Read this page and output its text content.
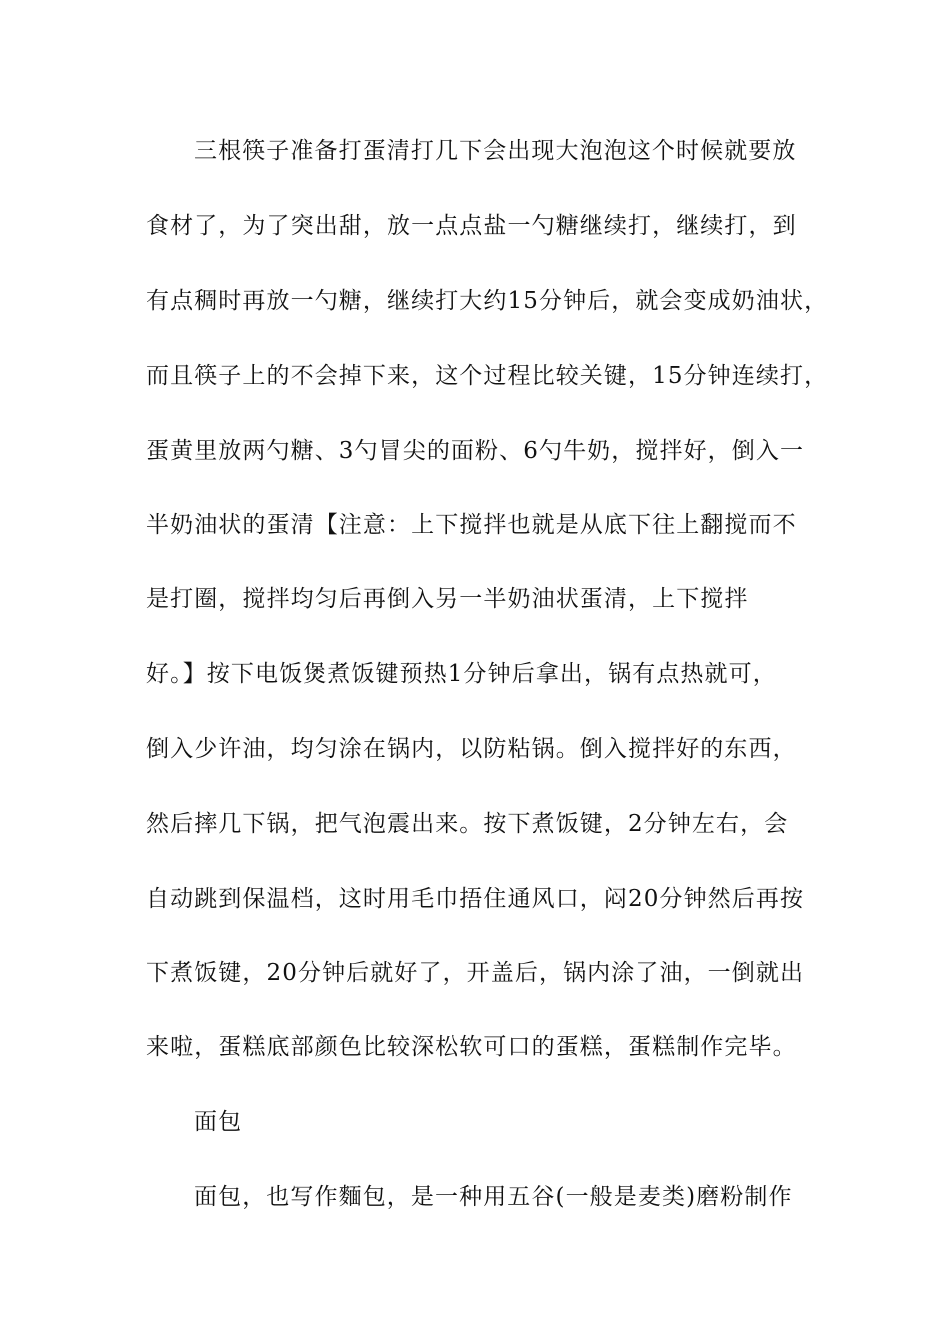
三根筷子准备打蛋清打几下会出现大泡泡这个时候就要放
食材了，为了突出甜，放一点点盐一勺糖继续打，继续打，到
有点稠时再放一勺糖，继续打大约15分钟后，就会变成奶油状，
而且筷子上的不会掉下来，这个过程比较关键，15分钟连续打，
蛋黄里放两勺糖、3勺冒尖的面粉、6勺牛奶，搅拌好，倒入一
半奶油状的蛋清【注意：上下搅拌也就是从底下往上翻搅而不
是打圈，搅拌均匀后再倒入另一半奶油状蛋清，上下搅拌
好。】按下电饭煲煮饭键预热1分钟后拿出，锅有点热就可，
倒入少许油，均匀涂在锅内，以防粘锅。倒入搅拌好的东西，
然后摔几下锅，把气泡震出来。按下煮饭键，2分钟左右，会
自动跳到保温档，这时用毛巾捂住通风口，闷20分钟然后再按
下煮饭键，20分钟后就好了，开盖后，锅内涂了油，一倒就出
来啦，蛋糕底部颜色比较深松软可口的蛋糕，蛋糕制作完毕。
面包
面包，也写作麵包，是一种用五谷(一般是麦类)磨粉制作
